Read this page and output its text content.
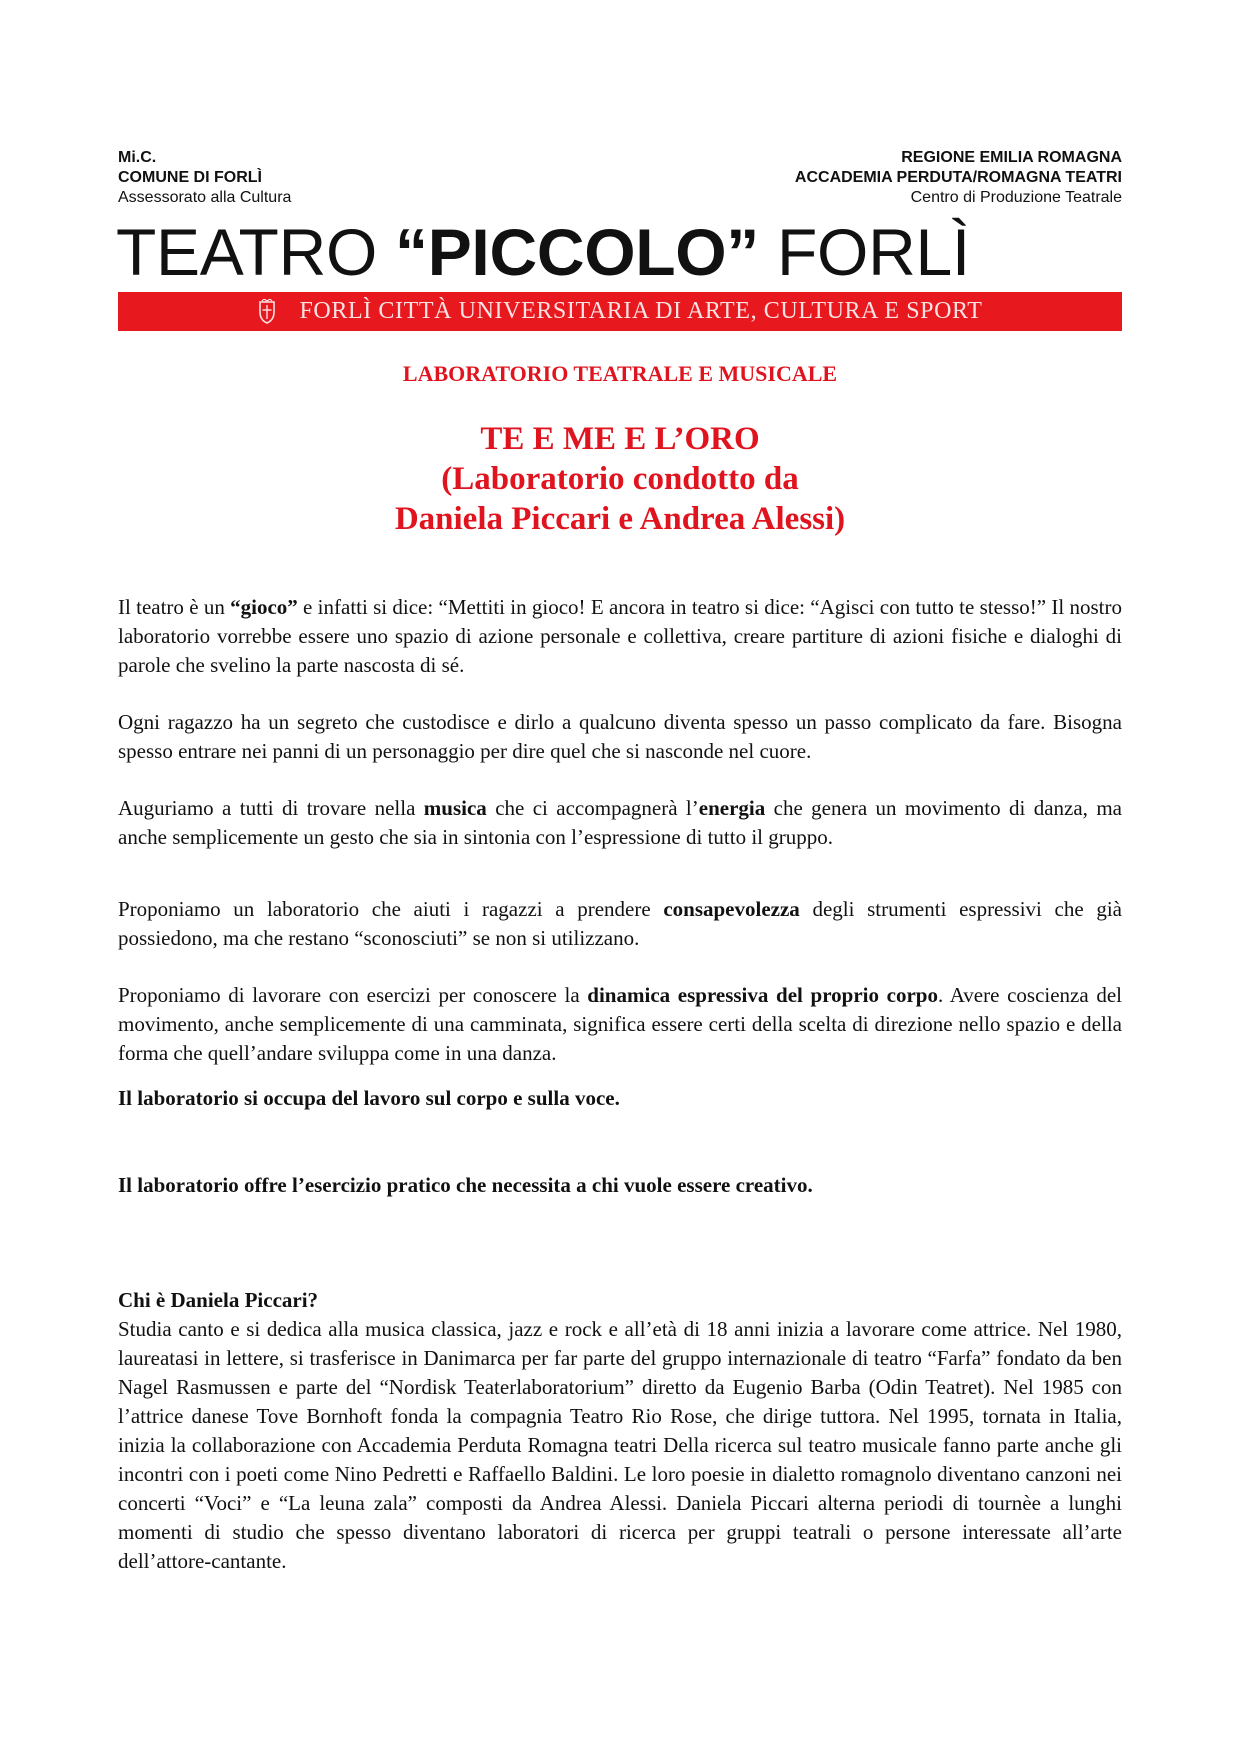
Mi.C.
COMUNE DI FORLÌ
Assessorato alla Cultura
REGIONE EMILIA ROMAGNA
ACCADEMIA PERDUTA/ROMAGNA TEATRI
Centro di Produzione Teatrale
TEATRO “PICCOLO” FORLÌ
FORLÌ CITTÀ UNIVERSITARIA DI ARTE, CULTURA E SPORT
LABORATORIO TEATRALE E MUSICALE
TE E ME E L’ORO
(Laboratorio condotto da
Daniela Piccari e Andrea Alessi)
Il teatro è un “gioco” e infatti si dice: “Mettiti in gioco! E ancora in teatro si dice: “Agisci con tutto te stesso!” Il nostro laboratorio vorrebbe essere uno spazio di azione personale e collettiva, creare partiture di azioni fisiche e dialoghi di parole che svelino la parte nascosta di sé.
Ogni ragazzo ha un segreto che custodisce e dirlo a qualcuno diventa spesso un passo complicato da fare. Bisogna spesso entrare nei panni di un personaggio per dire quel che si nasconde nel cuore.
Auguriamo a tutti di trovare nella musica che ci accompagnerà l’energia che genera un movimento di danza, ma anche semplicemente un gesto che sia in sintonia con l’espressione di tutto il gruppo.
Proponiamo un laboratorio che aiuti i ragazzi a prendere consapevolezza degli strumenti espressivi che già possiedono, ma che restano “sconosciuti” se non si utilizzano.
Proponiamo di lavorare con esercizi per conoscere la dinamica espressiva del proprio corpo. Avere coscienza del movimento, anche semplicemente di una camminata, significa essere certi della scelta di direzione nello spazio e della forma che quell’andare sviluppa come in una danza.
Il laboratorio si occupa del lavoro sul corpo e sulla voce.
Il laboratorio offre l’esercizio pratico che necessita a chi vuole essere creativo.
Chi è Daniela Piccari?
Studia canto e si dedica alla musica classica, jazz e rock e all’età di 18 anni inizia a lavorare come attrice. Nel 1980, laureatasi in lettere, si trasferisce in Danimarca per far parte del gruppo internazionale di teatro “Farfa” fondato da ben Nagel Rasmussen e parte del “Nordisk Teaterlaboratorium” diretto da Eugenio Barba (Odin Teatret). Nel 1985 con l’attrice danese Tove Bornhoft fonda la compagnia Teatro Rio Rose, che dirige tuttora. Nel 1995, tornata in Italia, inizia la collaborazione con Accademia Perduta Romagna teatri Della ricerca sul teatro musicale fanno parte anche gli incontri con i poeti come Nino Pedretti e Raffaello Baldini. Le loro poesie in dialetto romagnolo diventano canzoni nei concerti “Voci” e “La leuna zala” composti da Andrea Alessi. Daniela Piccari alterna periodi di tournèe a lunghi momenti di studio che spesso diventano laboratori di ricerca per gruppi teatrali o persone interessate all’arte dell’attore-cantante.
